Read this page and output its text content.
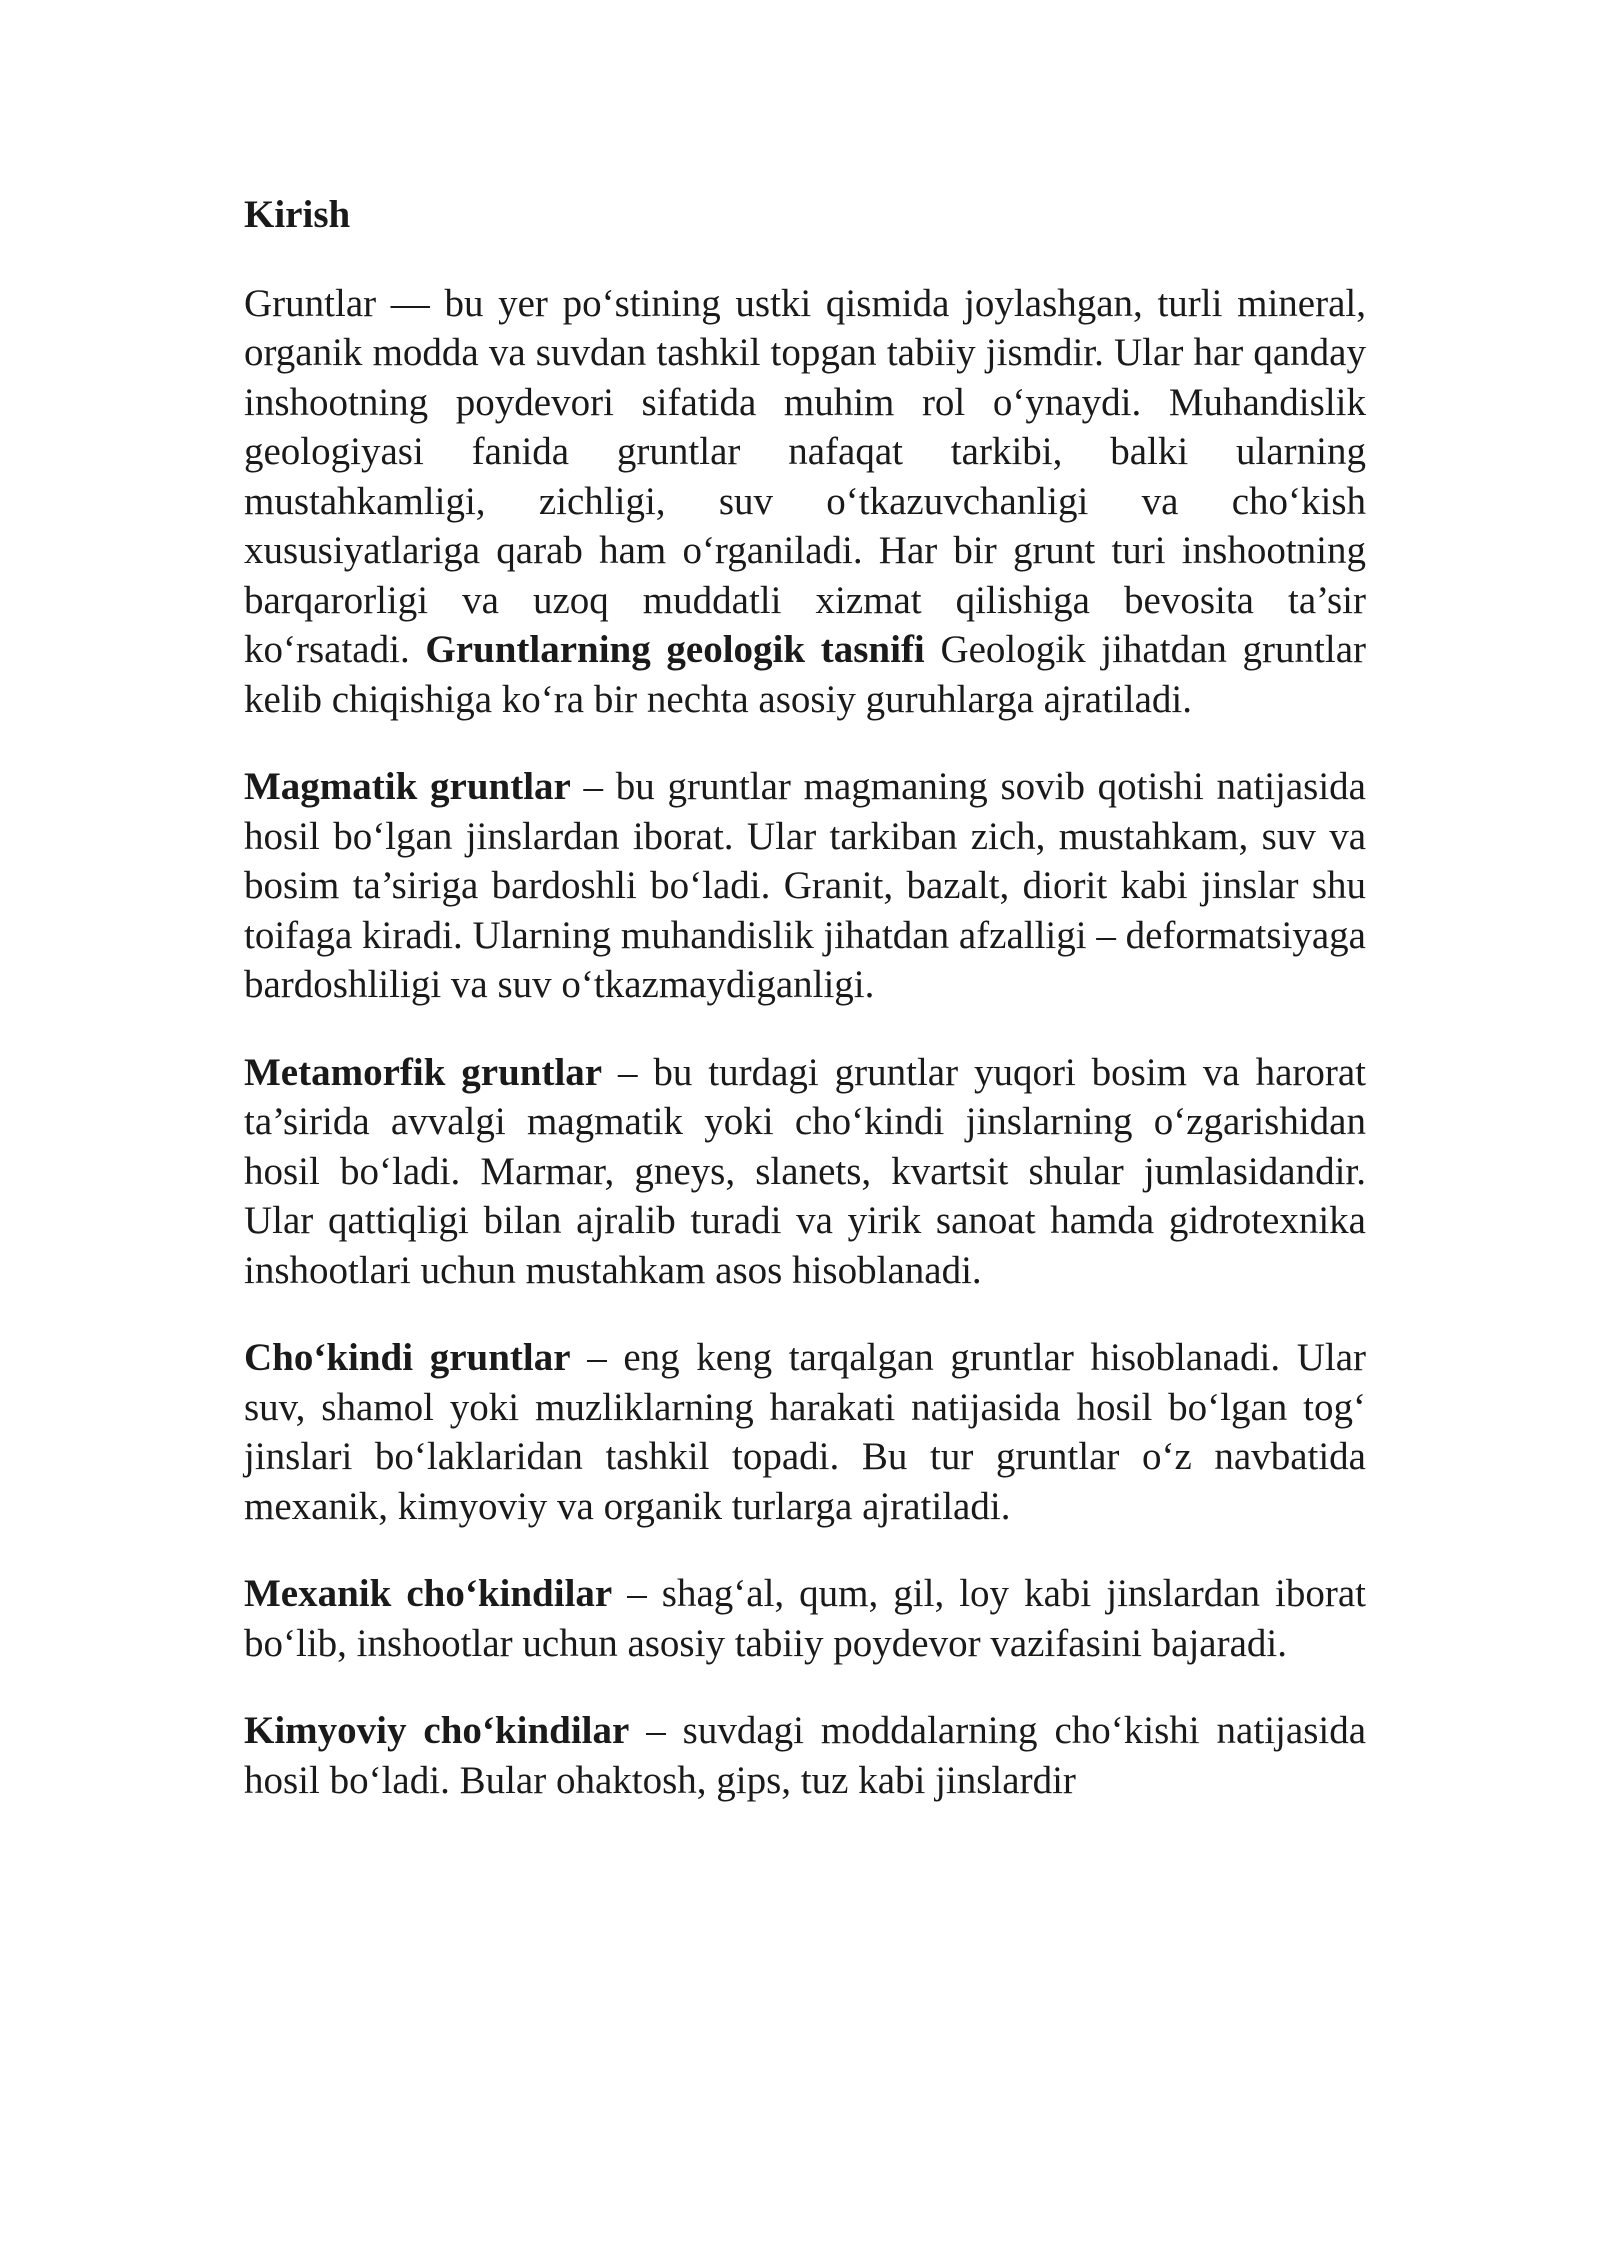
Kirish

Gruntlar — bu yer po‘stining ustki qismida joylashgan, turli mineral, organik modda va suvdan tashkil topgan tabiiy jismdir. Ular har qanday inshootning poydevori sifatida muhim rol o‘ynaydi. Muhandislik geologiyasi fanida gruntlar nafaqat tarkibi, balki ularning mustahkamligi, zichligi, suv o‘tkazuvchanligi va cho‘kish xususiyatlariga qarab ham o‘rganiladi. Har bir grunt turi inshootning barqarorligi va uzoq muddatli xizmat qilishiga bevosita ta’sir ko‘rsatadi. Gruntlarning geologik tasnifi Geologik jihatdan gruntlar kelib chiqishiga ko‘ra bir nechta asosiy guruhlarga ajratiladi.

Magmatik gruntlar – bu gruntlar magmaning sovib qotishi natijasida hosil bo‘lgan jinslardan iborat. Ular tarkiban zich, mustahkam, suv va bosim ta’siriga bardoshli bo‘ladi. Granit, bazalt, diorit kabi jinslar shu toifaga kiradi. Ularning muhandislik jihatdan afzalligi – deformatsiyaga bardoshliligi va suv o‘tkazmaydiganligi.

Metamorfik gruntlar – bu turdagi gruntlar yuqori bosim va harorat ta’sirida avvalgi magmatik yoki cho‘kindi jinslarning o‘zgarishidan hosil bo‘ladi. Marmar, gneys, slanets, kvartsit shular jumlasidandir. Ular qattiqligi bilan ajralib turadi va yirik sanoat hamda gidrotexnika inshootlari uchun mustahkam asos hisoblanadi.

Cho‘kindi gruntlar – eng keng tarqalgan gruntlar hisoblanadi. Ular suv, shamol yoki muzliklarning harakati natijasida hosil bo‘lgan tog‘ jinslari bo‘laklaridan tashkil topadi. Bu tur gruntlar o‘z navbatida mexanik, kimyoviy va organik turlarga ajratiladi.

Mexanik cho‘kindilar – shag‘al, qum, gil, loy kabi jinslardan iborat bo‘lib, inshootlar uchun asosiy tabiiy poydevor vazifasini bajaradi.

Kimyoviy cho‘kindilar – suvdagi moddalarning cho‘kishi natijasida hosil bo‘ladi. Bular ohaktosh, gips, tuz kabi jinslardir
